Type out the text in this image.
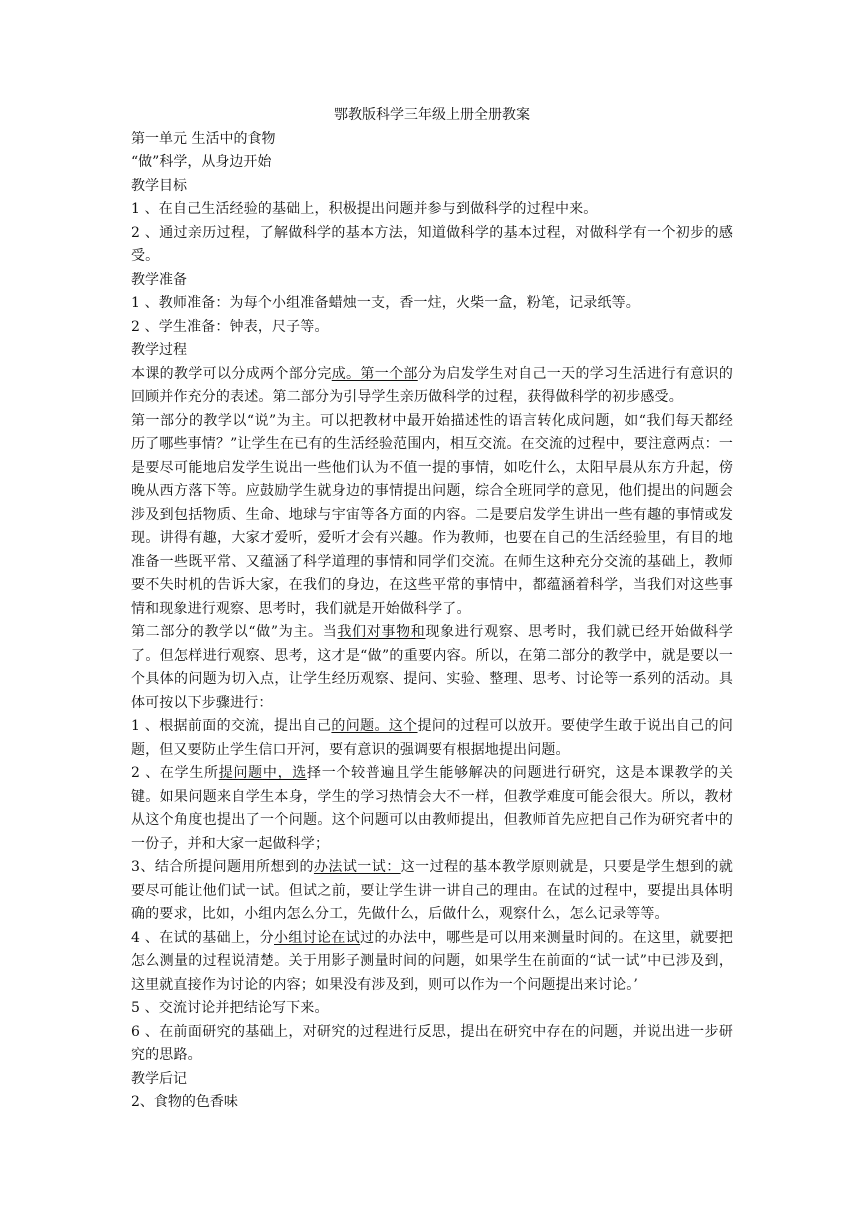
鄂教版科学三年级上册全册教案

第一单元 生活中的食物

“做”科学，从身边开始

教学目标

1 、在自己生活经验的基础上，积极提出问题并参与到做科学的过程中来。

2 、通过亲历过程，了解做科学的基本方法，知道做科学的基本过程，对做科学有一个初步的感受。

教学准备

1 、教师准备：为每个小组准备蜡烛一支，香一炷，火柴一盒，粉笔，记录纸等。

2 、学生准备：钟表，尺子等。

教学过程

本课的教学可以分成两个部分完成。第一个部分为启发学生对自己一天的学习生活进行有意识的回顾并作充分的表述。第二部分为引导学生亲历做科学的过程，获得做科学的初步感受。

第一部分的教学以“说”为主。可以把教材中最开始描述性的语言转化成问题，如“我们每天都经历了哪些事情？”让学生在已有的生活经验范围内，相互交流。在交流的过程中，要注意两点：一是要尽可能地启发学生说出一些他们认为不值一提的事情，如吃什么，太阳早晨从东方升起，傍晚从西方落下等。应鼓励学生就身边的事情提出问题，综合全班同学的意见，他们提出的问题会涉及到包括物质、生命、地球与宇宙等各方面的内容。二是要启发学生讲出一些有趣的事情或发现。讲得有趣，大家才爱听，爱听才会有兴趣。作为教师，也要在自己的生活经验里，有目的地准备一些既平常、又蕴涵了科学道理的事情和同学们交流。在师生这种充分交流的基础上，教师要不失时机的告诉大家，在我们的身边，在这些平常的事情中，都蕴涵着科学，当我们对这些事情和现象进行观察、思考时，我们就是开始做科学了。

第二部分的教学以“做”为主。当我们对事物和现象进行观察、思考时，我们就已经开始做科学了。但怎样进行观察、思考，这才是“做”的重要内容。所以，在第二部分的教学中，就是要以一个具体的问题为切入点，让学生经历观察、提问、实验、整理、思考、讨论等一系列的活动。具体可按以下步骤进行：

1 、根据前面的交流，提出自己的问题。这个提问的过程可以放开。要使学生敢于说出自己的问题，但又要防止学生信口开河，要有意识的强调要有根据地提出问题。

2 、在学生所提问题中，选择一个较普遍且学生能够解决的问题进行研究，这是本课教学的关键。如果问题来自学生本身，学生的学习热情会大不一样，但教学难度可能会很大。所以，教材从这个角度也提出了一个问题。这个问题可以由教师提出，但教师首先应把自己作为研究者中的一份子，并和大家一起做科学；

3、结合所提问题用所想到的办法试一试：这一过程的基本教学原则就是，只要是学生想到的就要尽可能让他们试一试。但试之前，要让学生讲一讲自己的理由。在试的过程中，要提出具体明确的要求，比如，小组内怎么分工，先做什么，后做什么，观察什么，怎么记录等等。

4 、在试的基础上，分小组讨论在试过的办法中，哪些是可以用来测量时间的。在这里，就要把怎么测量的过程说清楚。关于用影子测量时间的问题，如果学生在前面的“试一试”中已涉及到，这里就直接作为讨论的内容；如果没有涉及到，则可以作为一个问题提出来讨论。’

5 、交流讨论并把结论写下来。

6 、在前面研究的基础上，对研究的过程进行反思，提出在研究中存在的问题，并说出进一步研究的思路。

教学后记

2、食物的色香味
